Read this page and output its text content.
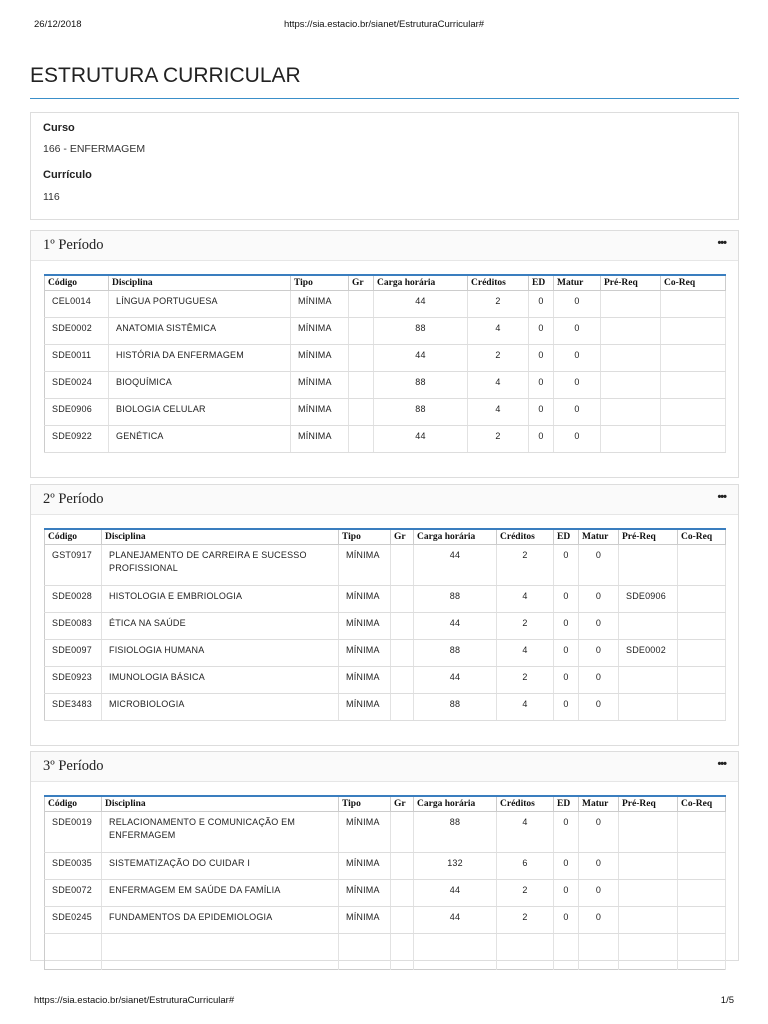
26/12/2018	https://sia.estacio.br/sianet/EstruturaCurricular#
ESTRUTURA CURRICULAR
Curso
166 - ENFERMAGEM
Currículo
116
1º Período	•••
Código	Disciplina	Tipo	Gr	Carga horária	Créditos	ED	Matur	Pré-Req	Co-Req
CEL0014	LÍNGUA PORTUGUESA	MÍNIMA		44	2	0	0		
SDE0002	ANATOMIA SISTÊMICA	MÍNIMA		88	4	0	0		
SDE0011	HISTÓRIA DA ENFERMAGEM	MÍNIMA		44	2	0	0		
SDE0024	BIOQUÍMICA	MÍNIMA		88	4	0	0		
SDE0906	BIOLOGIA CELULAR	MÍNIMA		88	4	0	0		
SDE0922	GENÉTICA	MÍNIMA		44	2	0	0		
2º Período	•••
Código	Disciplina	Tipo	Gr	Carga horária	Créditos	ED	Matur	Pré-Req	Co-Req
GST0917	PLANEJAMENTO DE CARREIRA E SUCESSO PROFISSIONAL	MÍNIMA		44	2	0	0		
SDE0028	HISTOLOGIA E EMBRIOLOGIA	MÍNIMA		88	4	0	0	SDE0906	
SDE0083	ÉTICA NA SAÚDE	MÍNIMA		44	2	0	0		
SDE0097	FISIOLOGIA HUMANA	MÍNIMA		88	4	0	0	SDE0002	
SDE0923	IMUNOLOGIA BÁSICA	MÍNIMA		44	2	0	0		
SDE3483	MICROBIOLOGIA	MÍNIMA		88	4	0	0		
3º Período	•••
Código	Disciplina	Tipo	Gr	Carga horária	Créditos	ED	Matur	Pré-Req	Co-Req
SDE0019	RELACIONAMENTO E COMUNICAÇÃO EM ENFERMAGEM	MÍNIMA		88	4	0	0		
SDE0035	SISTEMATIZAÇÃO DO CUIDAR I	MÍNIMA		132	6	0	0		
SDE0072	ENFERMAGEM EM SAÚDE DA FAMÍLIA	MÍNIMA		44	2	0	0		
SDE0245	FUNDAMENTOS DA EPIDEMIOLOGIA	MÍNIMA		44	2	0	0		

https://sia.estacio.br/sianet/EstruturaCurricular#	1/5
